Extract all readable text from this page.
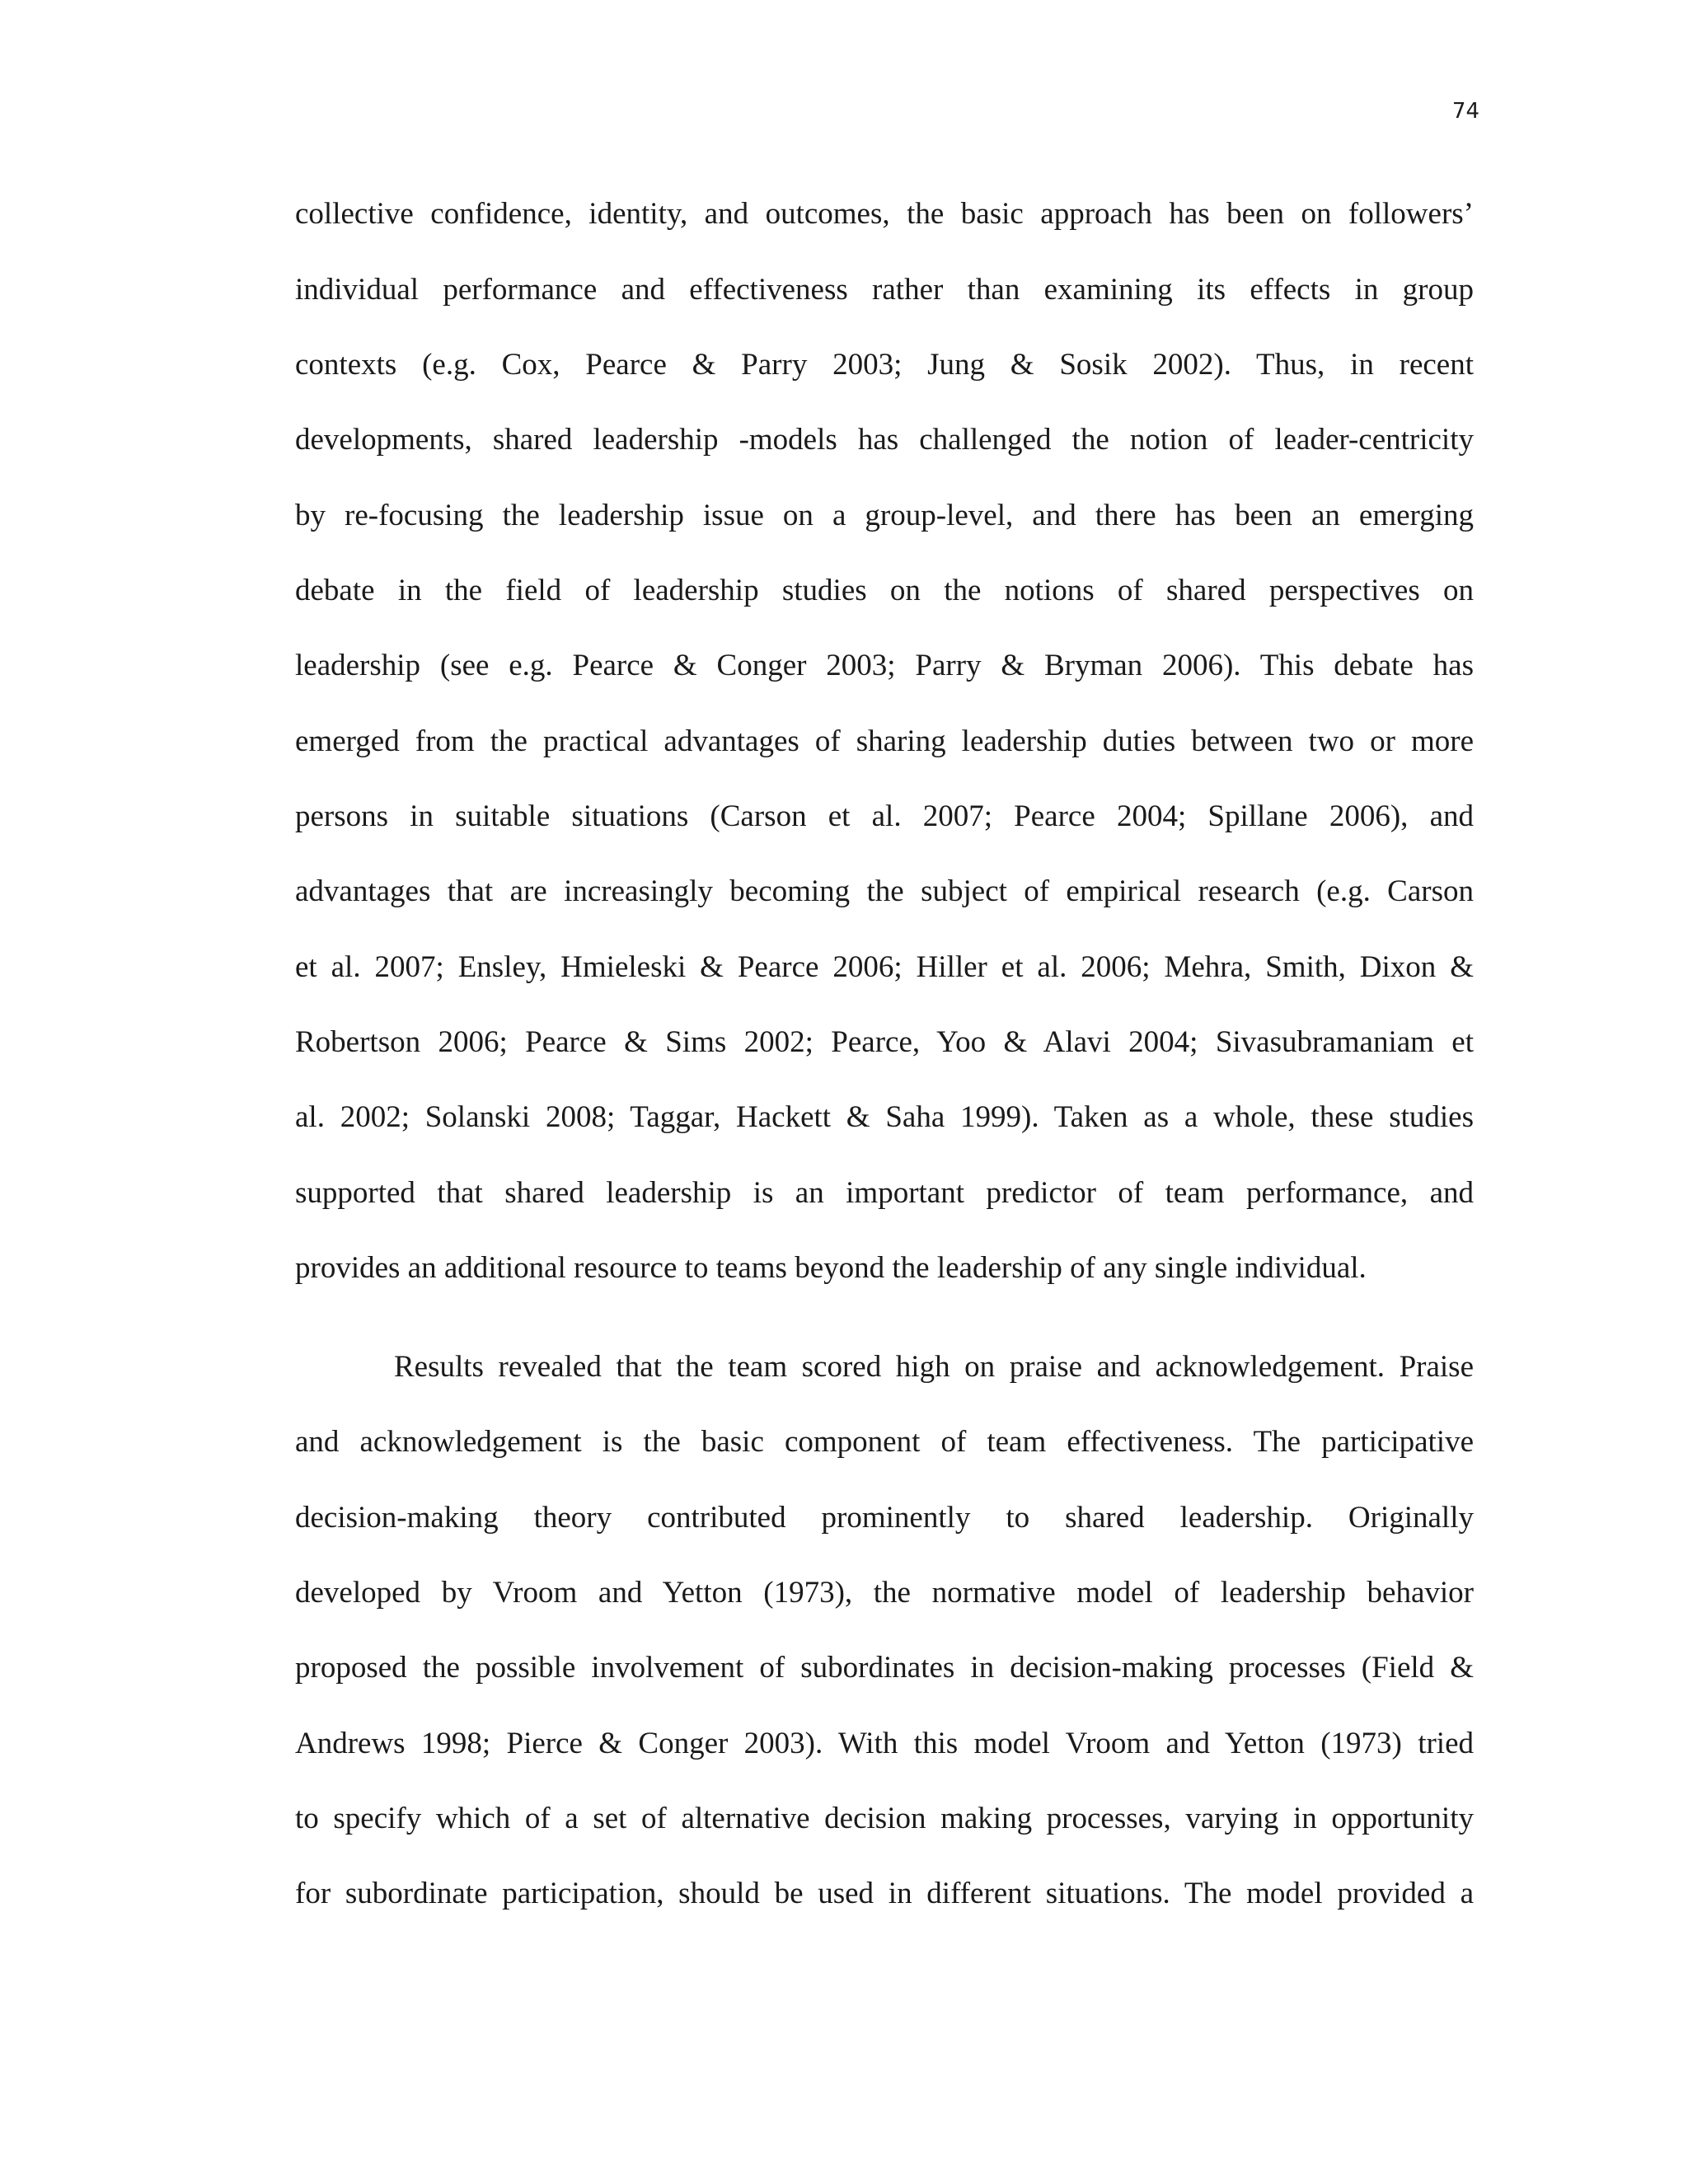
74
collective confidence, identity, and outcomes, the basic approach has been on followers’
individual performance and effectiveness rather than examining its effects in group
contexts (e.g. Cox, Pearce & Parry 2003; Jung & Sosik 2002). Thus, in recent
developments, shared leadership -models has challenged the notion of leader-centricity
by re-focusing the leadership issue on a group-level, and there has been an emerging
debate in the field of leadership studies on the notions of shared perspectives on
leadership (see e.g. Pearce & Conger 2003; Parry & Bryman 2006). This debate has
emerged from the practical advantages of sharing leadership duties between two or more
persons in suitable situations (Carson et al. 2007; Pearce 2004; Spillane 2006), and
advantages that are increasingly becoming the subject of empirical research (e.g. Carson
et al. 2007; Ensley, Hmieleski & Pearce 2006; Hiller et al. 2006; Mehra, Smith, Dixon &
Robertson 2006; Pearce & Sims 2002; Pearce, Yoo & Alavi 2004; Sivasubramaniam et
al. 2002; Solanski 2008; Taggar, Hackett & Saha 1999). Taken as a whole, these studies
supported that shared leadership is an important predictor of team performance, and
provides an additional resource to teams beyond the leadership of any single individual.
Results revealed that the team scored high on praise and acknowledgement. Praise
and acknowledgement is the basic component of team effectiveness. The participative
decision-making theory contributed prominently to shared leadership. Originally
developed by Vroom and Yetton (1973), the normative model of leadership behavior
proposed the possible involvement of subordinates in decision-making processes (Field &
Andrews 1998; Pierce & Conger 2003). With this model Vroom and Yetton (1973) tried
to specify which of a set of alternative decision making processes, varying in opportunity
for subordinate participation, should be used in different situations. The model provided a
